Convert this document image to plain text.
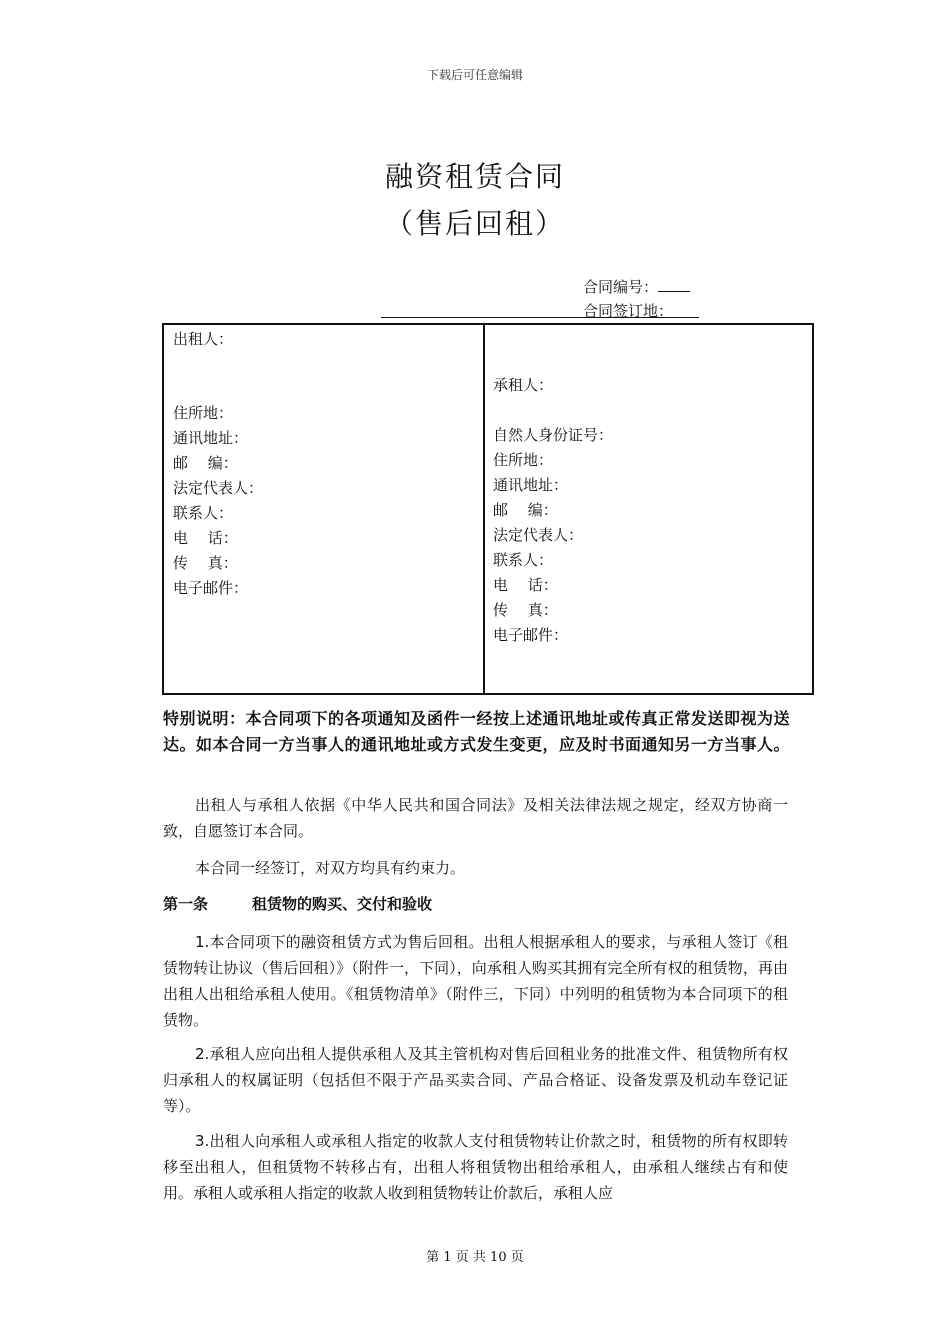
下载后可任意编辑
融资租赁合同
（售后回租）
合同编号：
合同签订地：
出租人：
住所地：
通讯地址：
邮　 编：
法定代表人：
联系人：
电　 话：
传　 真：
电子邮件：
承租人：
自然人身份证号：
住所地：
通讯地址：
邮　 编：
法定代表人：
联系人：
电　 话：
传　 真：
电子邮件：
特别说明：本合同项下的各项通知及函件一经按上述通讯地址或传真正常发送即视为送达。如本合同一方当事人的通讯地址或方式发生变更，应及时书面通知另一方当事人。
出租人与承租人依据《中华人民共和国合同法》及相关法律法规之规定，经双方协商一致，自愿签订本合同。
本合同一经签订，对双方均具有约束力。
第一条	租赁物的购买、交付和验收
1.本合同项下的融资租赁方式为售后回租。出租人根据承租人的要求，与承租人签订《租赁物转让协议（售后回租）》（附件一，下同），向承租人购买其拥有完全所有权的租赁物，再由出租人出租给承租人使用。《租赁物清单》（附件三，下同）中列明的租赁物为本合同项下的租赁物。
2.承租人应向出租人提供承租人及其主管机构对售后回租业务的批准文件、租赁物所有权归承租人的权属证明（包括但不限于产品买卖合同、产品合格证、设备发票及机动车登记证等）。
3.出租人向承租人或承租人指定的收款人支付租赁物转让价款之时，租赁物的所有权即转移至出租人，但租赁物不转移占有，出租人将租赁物出租给承租人，由承租人继续占有和使用。承租人或承租人指定的收款人收到租赁物转让价款后，承租人应
第 1 页 共 10 页
